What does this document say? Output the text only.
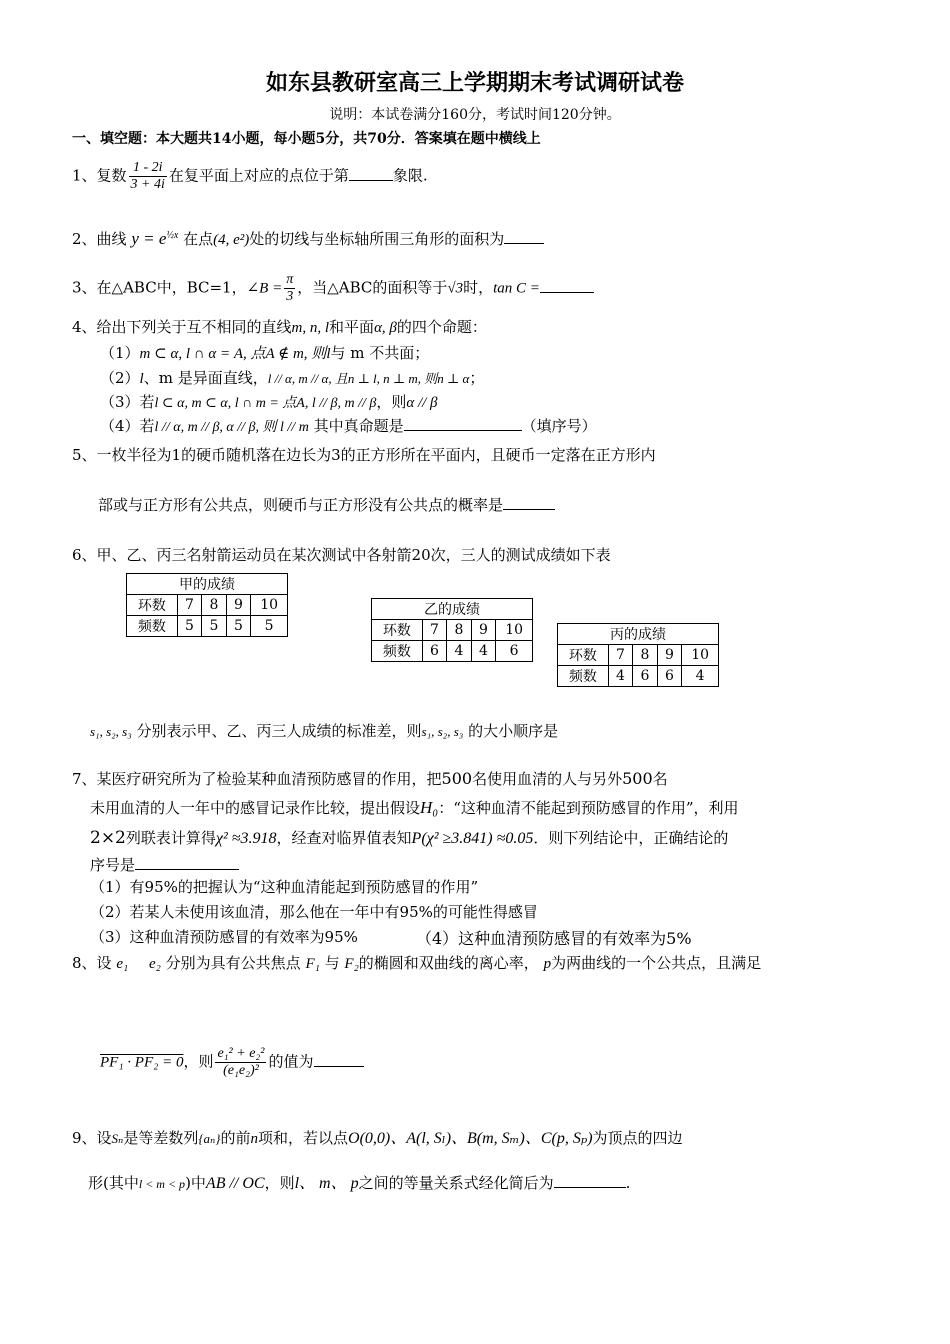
如东县教研室高三上学期期末考试调研试卷
说明：本试卷满分160分，考试时间120分钟。
一、填空题：本大题共14小题，每小题5分，共70分．答案填在题中横线上
1、复数 $\frac{1 - 2i}{3 + 4i}$ 在复平面上对应的点位于第	象限.
2、曲线 $y = e^{\frac{1}{2}x}$ 在点(4, e²)处的切线与坐标轴所围三角形的面积为
3、在△ABC中，BC=1，∠B = $\frac{\pi}{3}$ ，当△ABC的面积等于√3时，tan C =
4、给出下列关于互不相同的直线m, n, l和平面α, β的四个命题：
（1）m ⊂ α, l ∩ α = A, 点A ∉ m, 则l与 m 不共面；
（2）l、m 是异面直线，l // α, m // α, 且n ⊥ l, n ⊥ m, 则n ⊥ α；
（3）若l ⊂ α, m ⊂ α, l ∩ m = 点A, l // β, m // β，则α // β
（4）若l // α, m // β, α // β, 则 l // m 其中真命题是	（填序号）
5、一枚半径为1的硬币随机落在边长为3的正方形所在平面内，且硬币一定落在正方形内
部或与正方形有公共点，则硬币与正方形没有公共点的概率是
6、甲、乙、丙三名射箭运动员在某次测试中各射箭20次，三人的测试成绩如下表
甲的成绩				
环数	7	8	9	10
频数	5	5	5	5
乙的成绩				
环数	7	8	9	10
频数	6	4	4	6
丙的成绩				
环数	7	8	9	10
频数	4	6	6	4
s₁, s₂, s₃ 分别表示甲、乙、丙三人成绩的标准差，则s₁, s₂, s₃ 的大小顺序是
7、某医疗研究所为了检验某种血清预防感冒的作用，把500名使用血清的人与另外500名
未用血清的人一年中的感冒记录作比较，提出假设H₀：“这种血清不能起到预防感冒的作用”，利用
2×2列联表计算得χ² ≈3.918，经查对临界值表知P(χ² ≥3.841) ≈0.05．则下列结论中，正确结论的
序号是
（1）有95%的把握认为“这种血清能起到预防感冒的作用”
（2）若某人未使用该血清，那么他在一年中有95%的可能性得感冒
（3）这种血清预防感冒的有效率为95%	（4）这种血清预防感冒的有效率为5%
8、设 e₁ e₂ 分别为具有公共焦点 F₁ 与 F₂的椭圆和双曲线的离心率， p为两曲线的一个公共点，且满足
PF₁ · PF₂ = 0，则 $\frac{\text{e₁² + e₂²}}{\text{(e₁e₂)²}}$ 的值为
9、设Sₙ是等差数列{aₙ}的前n项和，若以点O(0,0)、A(l, Sₗ)、B(m, Sₘ)、C(p, Sₚ)为顶点的四边
形(其中l < m < p)中AB // OC，则l、 m、 p之间的等量关系式经化简后为	.
